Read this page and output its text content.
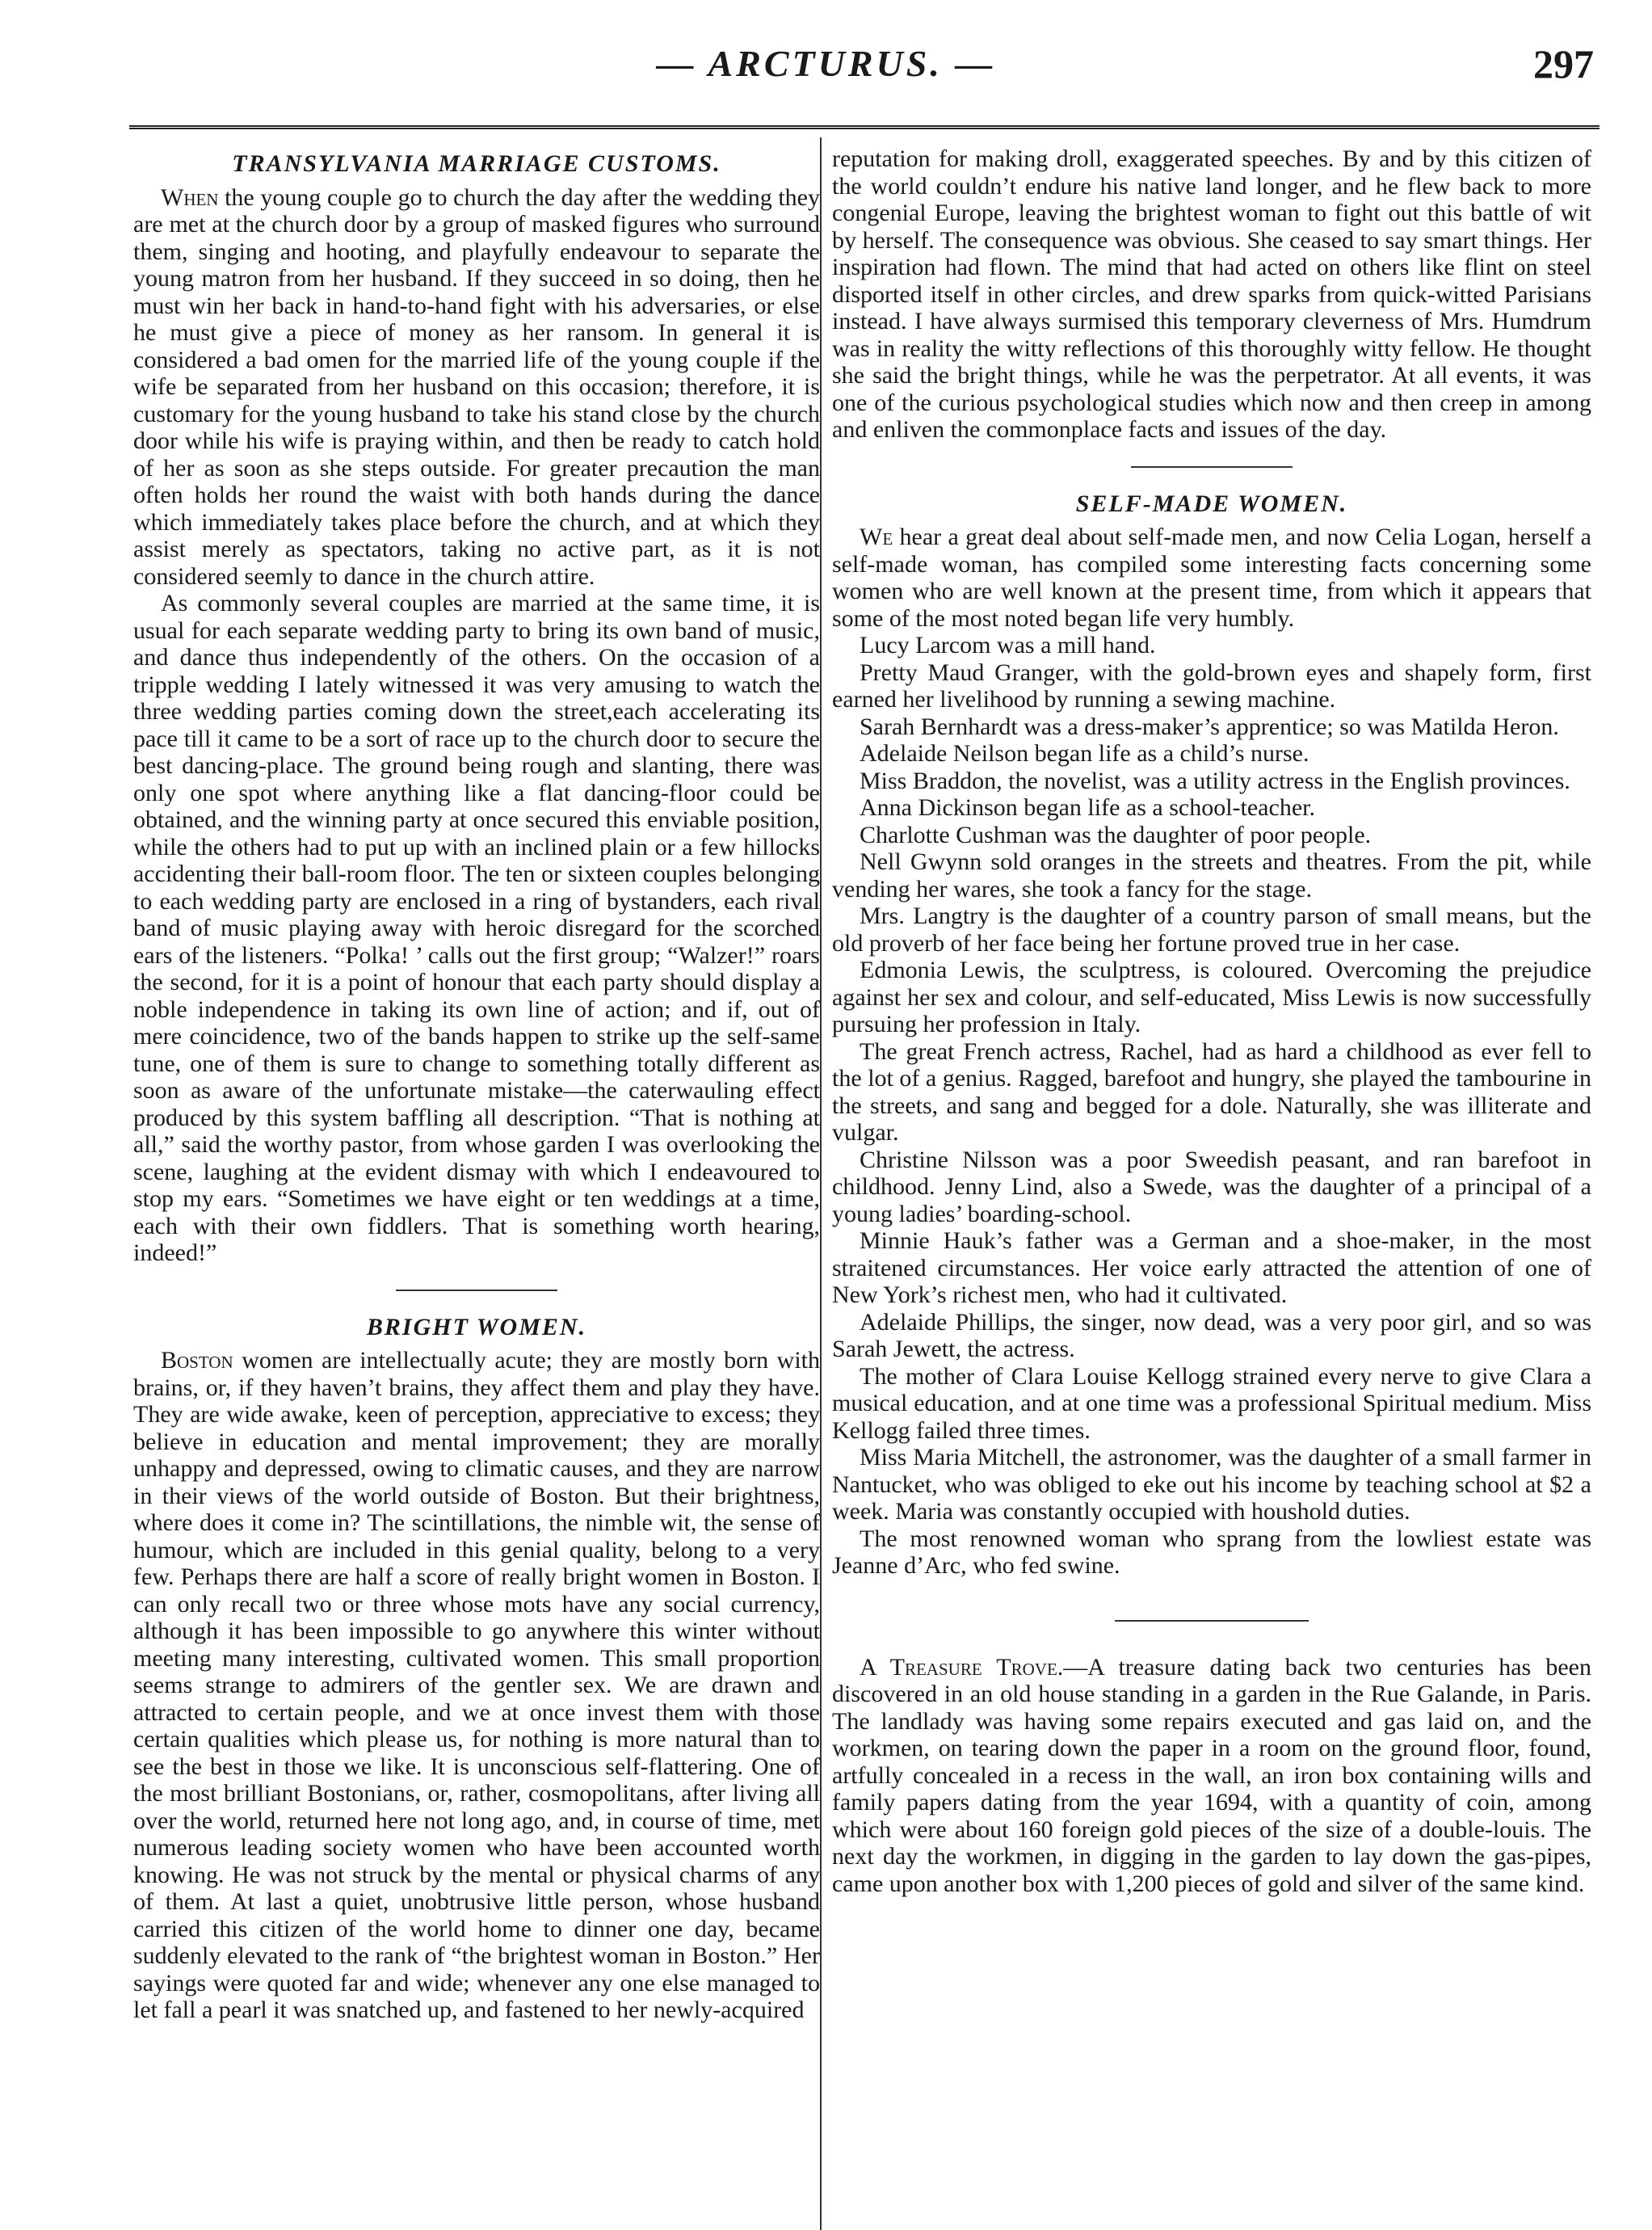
— ARCTURUS. —	297
TRANSYLVANIA MARRIAGE CUSTOMS.

When the young couple go to church the day after the wedding they are met at the church door by a group of masked figures who surround them, singing and hooting, and playfully endeavour to separate the young matron from her husband. If they succeed in so doing, then he must win her back in hand-to-hand fight with his adversaries, or else he must give a piece of money as her ransom. In general it is considered a bad omen for the married life of the young couple if the wife be separated from her husband on this occasion; therefore, it is customary for the young husband to take his stand close by the church door while his wife is praying within, and then be ready to catch hold of her as soon as she steps outside. For greater precaution the man often holds her round the waist with both hands during the dance which immediately takes place before the church, and at which they assist merely as spectators, taking no active part, as it is not considered seemly to dance in the church attire.

As commonly several couples are married at the same time, it is usual for each separate wedding party to bring its own band of music, and dance thus independently of the others. On the occasion of a tripple wedding I lately witnessed it was very amusing to watch the three wedding parties coming down the street,each accelerating its pace till it came to be a sort of race up to the church door to secure the best dancing-place. The ground being rough and slanting, there was only one spot where anything like a flat dancing-floor could be obtained, and the winning party at once secured this enviable position, while the others had to put up with an inclined plain or a few hillocks accidenting their ball-room floor. The ten or sixteen couples belonging to each wedding party are enclosed in a ring of bystanders, each rival band of music playing away with heroic disregard for the scorched ears of the listeners. “Polka! ’ calls out the first group; “Walzer!” roars the second, for it is a point of honour that each party should display a noble independence in taking its own line of action; and if, out of mere coincidence, two of the bands happen to strike up the self-same tune, one of them is sure to change to something totally different as soon as aware of the unfortunate mistake—the caterwauling effect produced by this system baffling all description. “That is nothing at all,” said the worthy pastor, from whose garden I was overlooking the scene, laughing at the evident dismay with which I endeavoured to stop my ears. “Sometimes we have eight or ten weddings at a time, each with their own fiddlers. That is something worth hearing, indeed!”

BRIGHT WOMEN.

Boston women are intellectually acute; they are mostly born with brains, or, if they haven’t brains, they affect them and play they have. They are wide awake, keen of perception, appreciative to excess; they believe in education and mental improvement; they are morally unhappy and depressed, owing to climatic causes, and they are narrow in their views of the world outside of Boston. But their brightness, where does it come in? The scintillations, the nimble wit, the sense of humour, which are included in this genial quality, belong to a very few. Perhaps there are half a score of really bright women in Boston. I can only recall two or three whose mots have any social currency, although it has been impossible to go anywhere this winter without meeting many interesting, cultivated women. This small proportion seems strange to admirers of the gentler sex. We are drawn and attracted to certain people, and we at once invest them with those certain qualities which please us, for nothing is more natural than to see the best in those we like. It is unconscious self-flattering. One of the most brilliant Bostonians, or, rather, cosmopolitans, after living all over the world, returned here not long ago, and, in course of time, met numerous leading society women who have been accounted worth knowing. He was not struck by the mental or physical charms of any of them. At last a quiet, unobtrusive little person, whose husband carried this citizen of the world home to dinner one day, became suddenly elevated to the rank of “the brightest woman in Boston.” Her sayings were quoted far and wide; whenever any one else managed to let fall a pearl it was snatched up, and fastened to her newly-acquired

reputation for making droll, exaggerated speeches. By and by this citizen of the world couldn’t endure his native land longer, and he flew back to more congenial Europe, leaving the brightest woman to fight out this battle of wit by herself. The consequence was obvious. She ceased to say smart things. Her inspiration had flown. The mind that had acted on others like flint on steel disported itself in other circles, and drew sparks from quick-witted Parisians instead. I have always surmised this temporary cleverness of Mrs. Humdrum was in reality the witty reflections of this thoroughly witty fellow. He thought she said the bright things, while he was the perpetrator. At all events, it was one of the curious psychological studies which now and then creep in among and enliven the commonplace facts and issues of the day.

SELF-MADE WOMEN.

We hear a great deal about self-made men, and now Celia Logan, herself a self-made woman, has compiled some interesting facts concerning some women who are well known at the present time, from which it appears that some of the most noted began life very humbly.

Lucy Larcom was a mill hand.

Pretty Maud Granger, with the gold-brown eyes and shapely form, first earned her livelihood by running a sewing machine.

Sarah Bernhardt was a dress-maker’s apprentice; so was Matilda Heron.

Adelaide Neilson began life as a child’s nurse.

Miss Braddon, the novelist, was a utility actress in the English provinces.

Anna Dickinson began life as a school-teacher.

Charlotte Cushman was the daughter of poor people.

Nell Gwynn sold oranges in the streets and theatres. From the pit, while vending her wares, she took a fancy for the stage.

Mrs. Langtry is the daughter of a country parson of small means, but the old proverb of her face being her fortune proved true in her case.

Edmonia Lewis, the sculptress, is coloured. Overcoming the prejudice against her sex and colour, and self-educated, Miss Lewis is now successfully pursuing her profession in Italy.

The great French actress, Rachel, had as hard a childhood as ever fell to the lot of a genius. Ragged, barefoot and hungry, she played the tambourine in the streets, and sang and begged for a dole. Naturally, she was illiterate and vulgar.

Christine Nilsson was a poor Sweedish peasant, and ran barefoot in childhood. Jenny Lind, also a Swede, was the daughter of a principal of a young ladies’ boarding-school.

Minnie Hauk’s father was a German and a shoe-maker, in the most straitened circumstances. Her voice early attracted the attention of one of New York’s richest men, who had it cultivated.

Adelaide Phillips, the singer, now dead, was a very poor girl, and so was Sarah Jewett, the actress.

The mother of Clara Louise Kellogg strained every nerve to give Clara a musical education, and at one time was a professional Spiritual medium. Miss Kellogg failed three times.

Miss Maria Mitchell, the astronomer, was the daughter of a small farmer in Nantucket, who was obliged to eke out his income by teaching school at $2 a week. Maria was constantly occupied with houshold duties.

The most renowned woman who sprang from the lowliest estate was Jeanne d’Arc, who fed swine.

A Treasure Trove.—A treasure dating back two centuries has been discovered in an old house standing in a garden in the Rue Galande, in Paris. The landlady was having some repairs executed and gas laid on, and the workmen, on tearing down the paper in a room on the ground floor, found, artfully concealed in a recess in the wall, an iron box containing wills and family papers dating from the year 1694, with a quantity of coin, among which were about 160 foreign gold pieces of the size of a double-louis. The next day the workmen, in digging in the garden to lay down the gas-pipes, came upon another box with 1,200 pieces of gold and silver of the same kind.
